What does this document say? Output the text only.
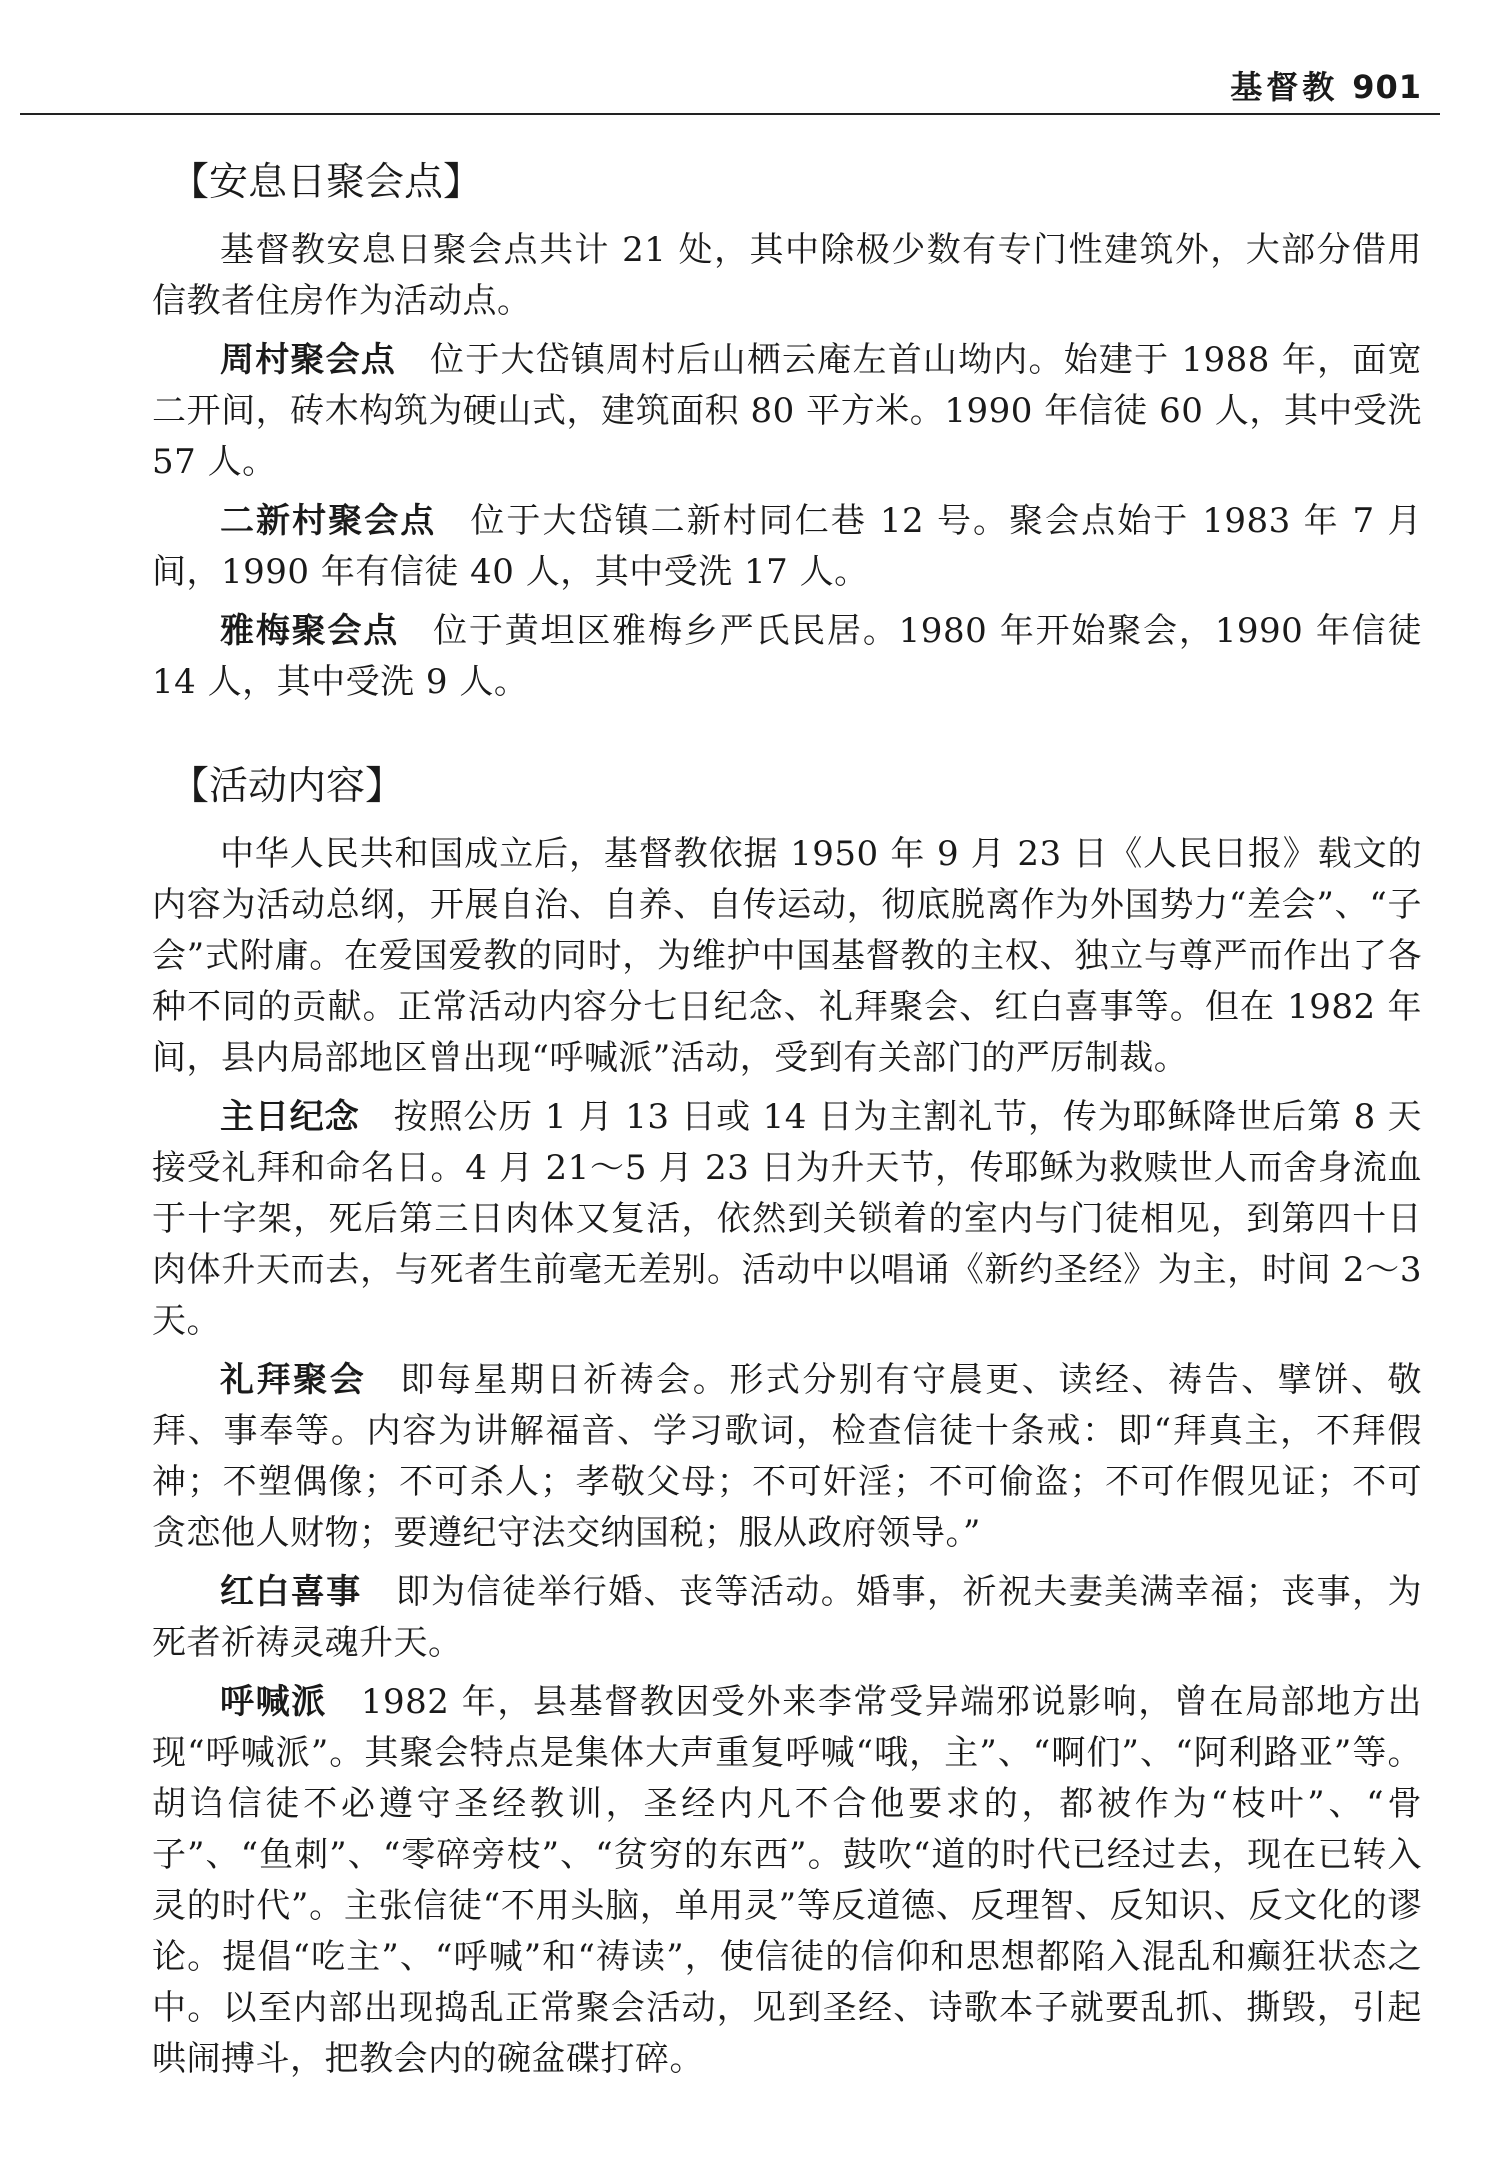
基督教 901
【安息日聚会点】

基督教安息日聚会点共计 21 处，其中除极少数有专门性建筑外，大部分借用信教者住房作为活动点。

周村聚会点 位于大岱镇周村后山栖云庵左首山坳内。始建于 1988 年，面宽二开间，砖木构筑为硬山式，建筑面积 80 平方米。1990 年信徒 60 人，其中受洗 57 人。

二新村聚会点 位于大岱镇二新村同仁巷 12 号。聚会点始于 1983 年 7 月间，1990 年有信徒 40 人，其中受洗 17 人。

雅梅聚会点 位于黄坦区雅梅乡严氏民居。1980 年开始聚会，1990 年信徒 14 人，其中受洗 9 人。

【活动内容】

中华人民共和国成立后，基督教依据 1950 年 9 月 23 日《人民日报》载文的内容为活动总纲，开展自治、自养、自传运动，彻底脱离作为外国势力“差会”、“子会”式附庸。在爱国爱教的同时，为维护中国基督教的主权、独立与尊严而作出了各种不同的贡献。正常活动内容分七日纪念、礼拜聚会、红白喜事等。但在 1982 年间，县内局部地区曾出现“呼喊派”活动，受到有关部门的严厉制裁。

主日纪念 按照公历 1 月 13 日或 14 日为主割礼节，传为耶稣降世后第 8 天接受礼拜和命名日。4 月 21～5 月 23 日为升天节，传耶稣为救赎世人而舍身流血于十字架，死后第三日肉体又复活，依然到关锁着的室内与门徒相见，到第四十日肉体升天而去，与死者生前毫无差别。活动中以唱诵《新约圣经》为主，时间 2～3 天。

礼拜聚会 即每星期日祈祷会。形式分别有守晨更、读经、祷告、擘饼、敬拜、事奉等。内容为讲解福音、学习歌词，检查信徒十条戒：即“拜真主，不拜假神；不塑偶像；不可杀人；孝敬父母；不可奸淫；不可偷盗；不可作假见证；不可贪恋他人财物；要遵纪守法交纳国税；服从政府领导。”

红白喜事 即为信徒举行婚、丧等活动。婚事，祈祝夫妻美满幸福；丧事，为死者祈祷灵魂升天。

呼喊派 1982 年，县基督教因受外来李常受异端邪说影响，曾在局部地方出现“呼喊派”。其聚会特点是集体大声重复呼喊“哦，主”、“啊们”、“阿利路亚”等。胡诌信徒不必遵守圣经教训，圣经内凡不合他要求的，都被作为“枝叶”、“骨子”、“鱼刺”、“零碎旁枝”、“贫穷的东西”。鼓吹“道的时代已经过去，现在已转入灵的时代”。主张信徒“不用头脑，单用灵”等反道德、反理智、反知识、反文化的谬论。提倡“吃主”、“呼喊”和“祷读”，使信徒的信仰和思想都陷入混乱和癫狂状态之中。以至内部出现捣乱正常聚会活动，见到圣经、诗歌本子就要乱抓、撕毁，引起哄闹搏斗，把教会内的碗盆碟打碎。
